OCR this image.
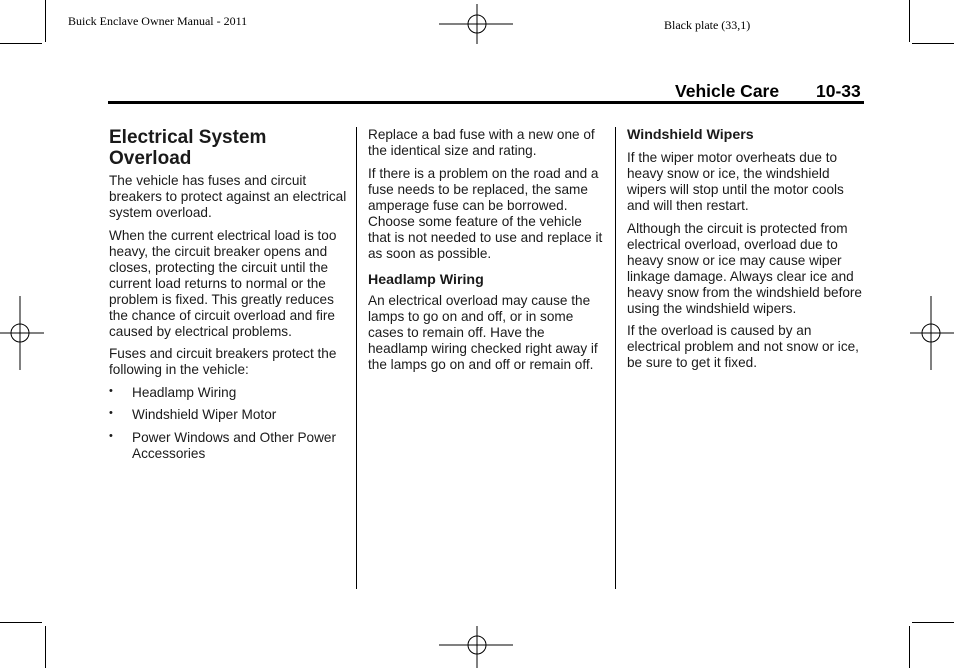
Buick Enclave Owner Manual - 2011	Black plate (33,1)
Vehicle Care 10-33
Electrical System Overload

The vehicle has fuses and circuit breakers to protect against an electrical system overload.

When the current electrical load is too heavy, the circuit breaker opens and closes, protecting the circuit until the current load returns to normal or the problem is fixed. This greatly reduces the chance of circuit overload and fire caused by electrical problems.

Fuses and circuit breakers protect the following in the vehicle:

• Headlamp Wiring
• Windshield Wiper Motor
• Power Windows and Other Power Accessories

Replace a bad fuse with a new one of the identical size and rating.

If there is a problem on the road and a fuse needs to be replaced, the same amperage fuse can be borrowed. Choose some feature of the vehicle that is not needed to use and replace it as soon as possible.

Headlamp Wiring

An electrical overload may cause the lamps to go on and off, or in some cases to remain off. Have the headlamp wiring checked right away if the lamps go on and off or remain off.

Windshield Wipers

If the wiper motor overheats due to heavy snow or ice, the windshield wipers will stop until the motor cools and will then restart.

Although the circuit is protected from electrical overload, overload due to heavy snow or ice may cause wiper linkage damage. Always clear ice and heavy snow from the windshield before using the windshield wipers.

If the overload is caused by an electrical problem and not snow or ice, be sure to get it fixed.
